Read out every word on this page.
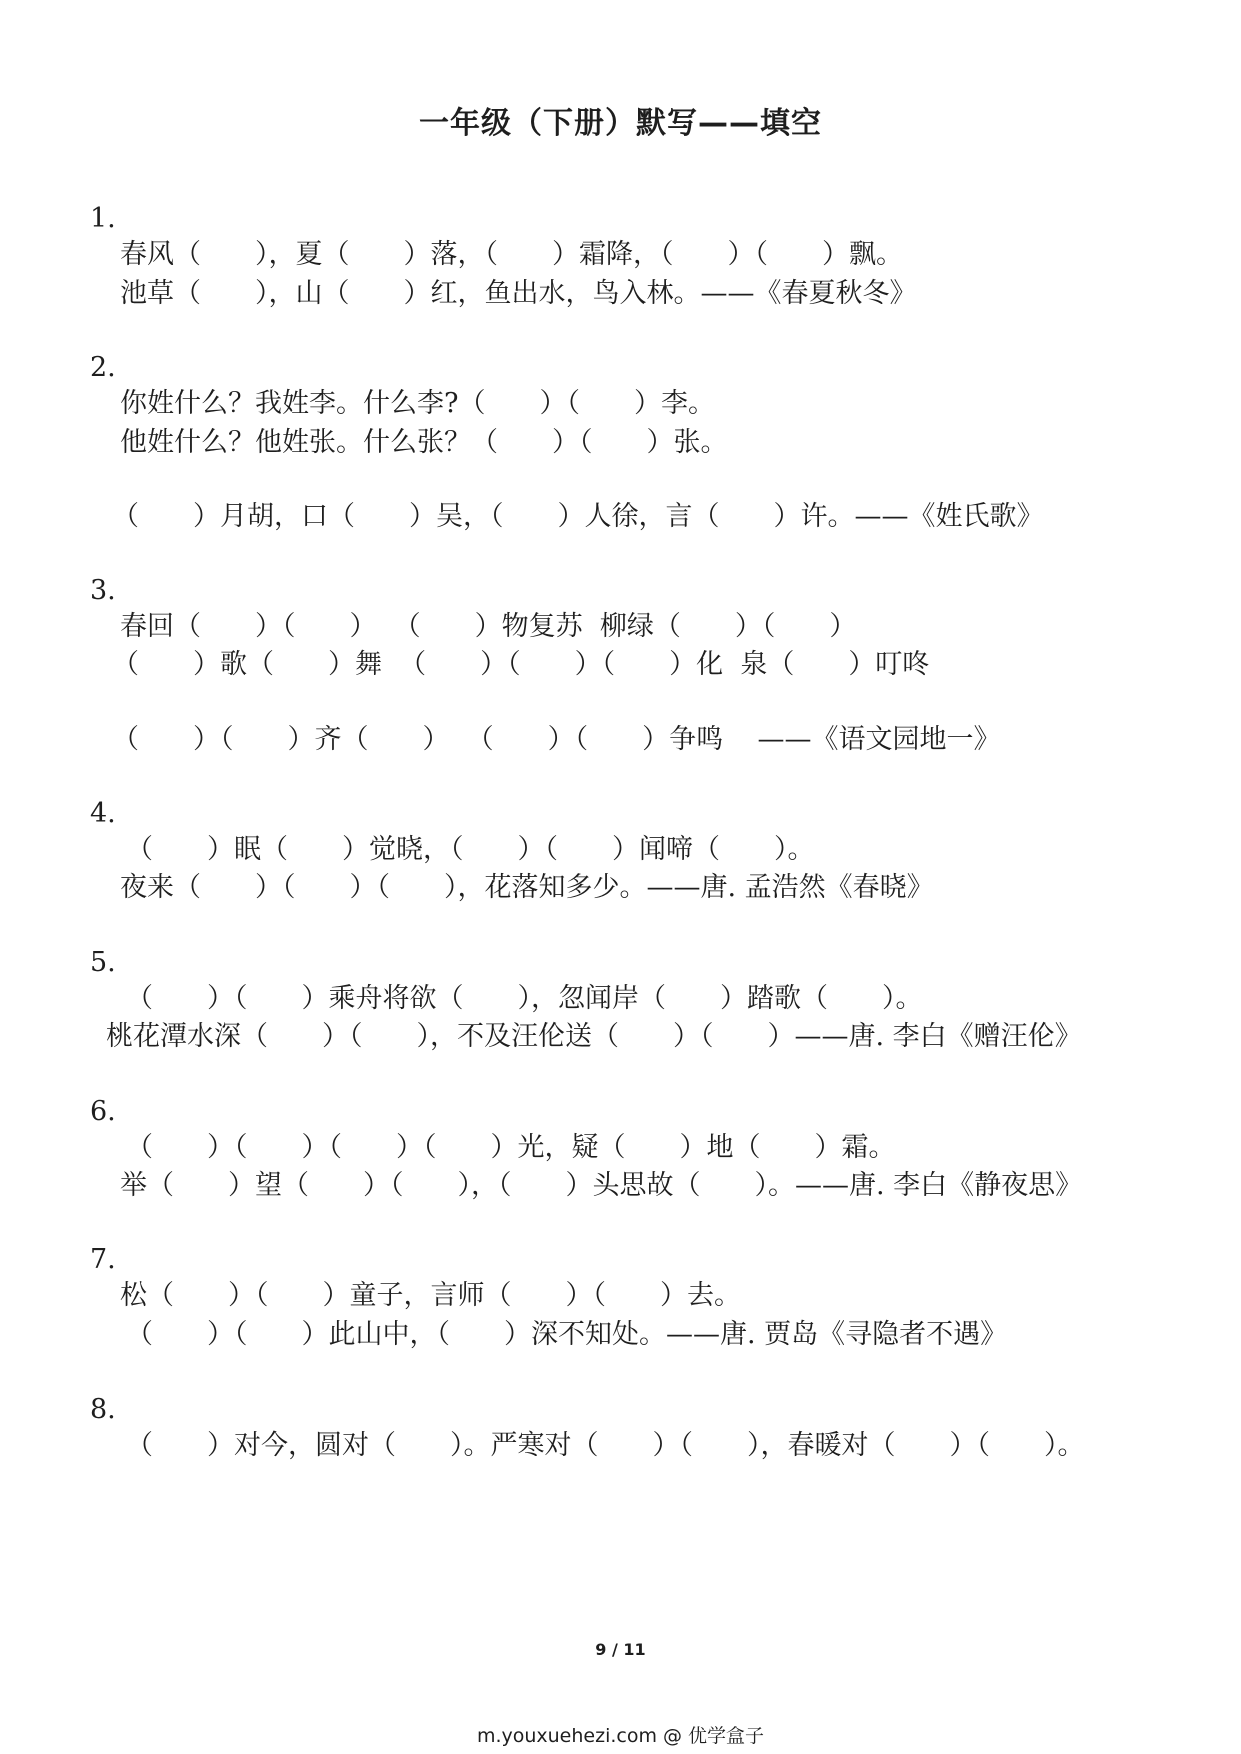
一年级（下册）默写——填空

1.

春风（　　），夏（　　）落，（　　）霜降，（　　）（　　）飘。

池草（　　），山（　　）红，鱼出水，鸟入林。——《春夏秋冬》

2.

你姓什么？我姓李。什么李?（　　）（　　）李。

他姓什么？他姓张。什么张？（　　）（　　）张。

（　　）月胡，口（　　）吴，（　　）人徐，言（　　）许。——《姓氏歌》

3.

春回（　　）（　　）  （　　）物复苏  柳绿（　　）（　　）

（　　）歌（　　）舞  （　　）（　　）（　　）化  泉（　　）叮咚

（　　）（　　）齐（　　）  （　　）（　　）争鸣    ——《语文园地一》

4.

（　　）眠（　　）觉晓，（　　）（　　）闻啼（　　）。

夜来（　　）（　　）（　　），花落知多少。——唐. 孟浩然《春晓》

5.

（　　）（　　）乘舟将欲（　　），忽闻岸（　　）踏歌（　　）。

桃花潭水深（　　）（　　），不及汪伦送（　　）（　　）——唐. 李白《赠汪伦》

6.

（　　）（　　）（　　）（　　）光，疑（　　）地（　　）霜。

举（　　）望（　　）（　　），（　　）头思故（　　）。——唐. 李白《静夜思》

7.

松（　　）（　　）童子，言师（　　）（　　）去。

（　　）（　　）此山中，（　　）深不知处。——唐. 贾岛《寻隐者不遇》

8.

（　　）对今，圆对（　　）。严寒对（　　）（　　），春暖对（　　）（　　）。

9 / 11
m.youxuehezi.com @ 优学盒子
